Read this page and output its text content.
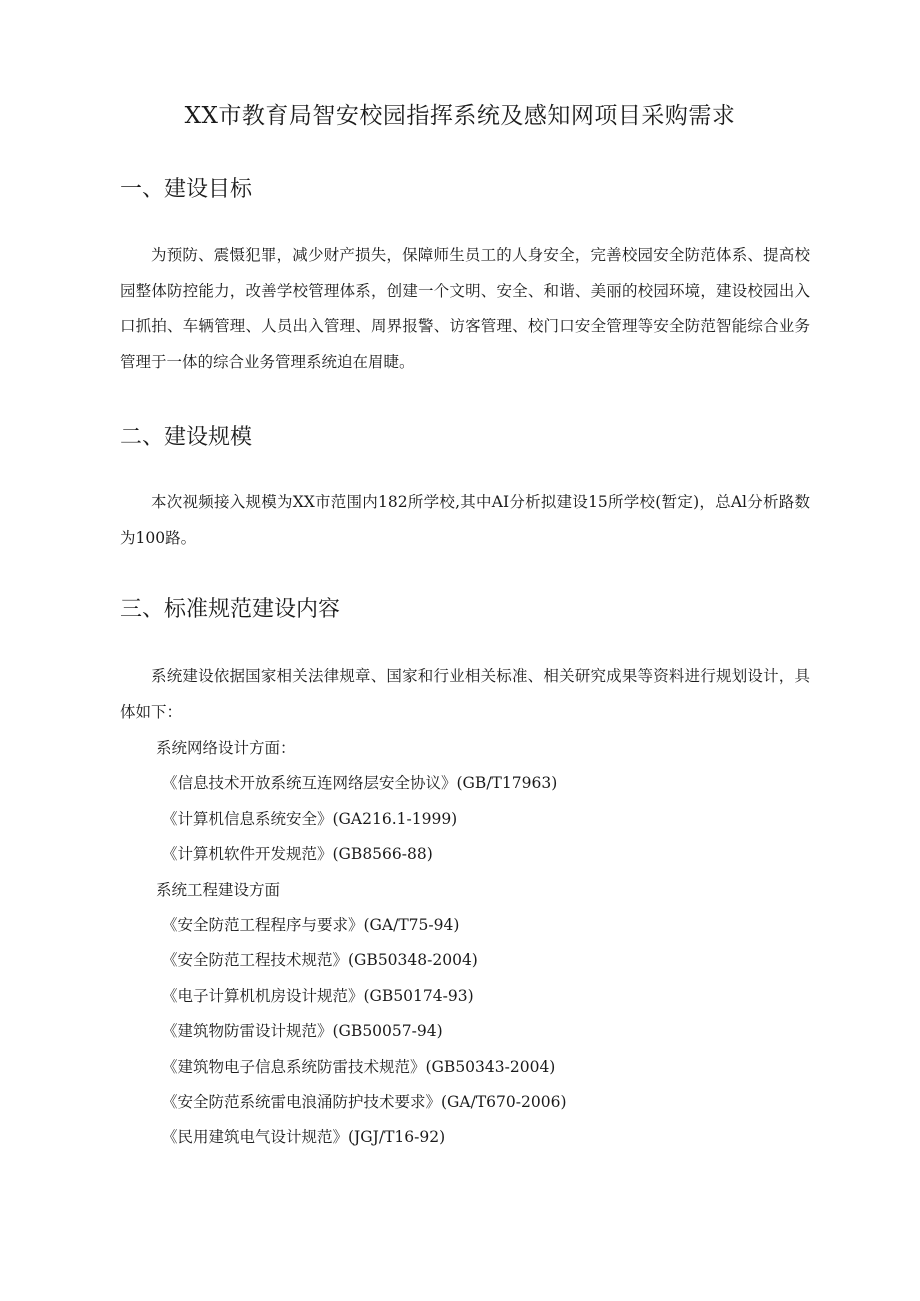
XX市教育局智安校园指挥系统及感知网项目采购需求
一、建设目标

为预防、震慑犯罪，减少财产损失，保障师生员工的人身安全，完善校园安全防范体系、提高校园整体防控能力，改善学校管理体系，创建一个文明、安全、和谐、美丽的校园环境，建设校园出入口抓拍、车辆管理、人员出入管理、周界报警、访客管理、校门口安全管理等安全防范智能综合业务管理于一体的综合业务管理系统迫在眉睫。

二、建设规模

本次视频接入规模为XX市范围内182所学校,其中AI分析拟建设15所学校(暂定)，总Al分析路数为100路。

三、标准规范建设内容

系统建设依据国家相关法律规章、国家和行业相关标准、相关研究成果等资料进行规划设计，具体如下：

系统网络设计方面：
《信息技术开放系统互连网络层安全协议》(GB/T17963)
《计算机信息系统安全》(GA216.1-1999)
《计算机软件开发规范》(GB8566-88)
系统工程建设方面
《安全防范工程程序与要求》(GA/T75-94)
《安全防范工程技术规范》(GB50348-2004)
《电子计算机机房设计规范》(GB50174-93)
《建筑物防雷设计规范》(GB50057-94)
《建筑物电子信息系统防雷技术规范》(GB50343-2004)
《安全防范系统雷电浪涌防护技术要求》(GA/T670-2006)
《民用建筑电气设计规范》(JGJ/T16-92)
